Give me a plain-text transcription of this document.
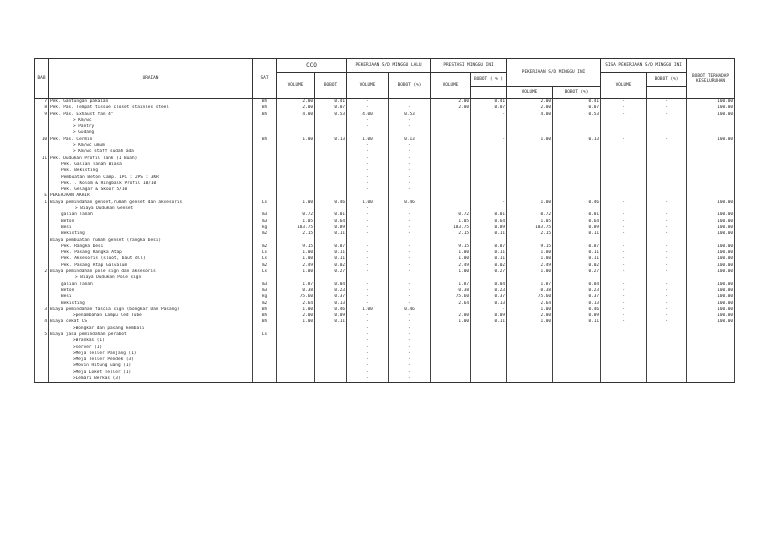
BAB	URAIAN	SAT	CCO		PEKERJAAN S/D MINGGU LALU		PRESTASI MINGGU INI		PEKERJAAN S/D MINGGU INI		SISA PEKERJAAN S/D MINGGU INI		BOBOT TERHADAP KESELURUHAN
			VOLUME	BOBOT	VOLUME	BOBOT (%)	VOLUME	BOBOT ( % )			VOLUME	BOBOT (%)	
									VOLUME	BOBOT (%)			
7	Pek. Gantungan pakaian	Bh	2.00	0.41	-		2.00	0.41	2.00	0.41	-	-	100.00
8	Pek. Pas. Tempat tissue closet stainles steel	Bh	2.00	0.07	-	-	2.00	0.07	2.00	0.07	-	-	100.00
9	Pek. Pas. Exhaust fan 4"	Bh	4.00	0.53	4.00	0.53		-	4.00	0.53	-	-	100.00
	> Km/wc				-	-							
	> Pantry				-	-							
	> Gudang												
10	Pek. Pas. Cermin	Bh	1.00	0.13	1.00	0.13		-	1.00	0.13	-	-	100.00
	> Km/wc umum				-	-							
	> Km/wc staff sudah ada				-	-							
11	Pek. Dudukan Profil Tank (1 Buah)				-	-							
	Pek. Galian Tanah Biasa				-	-							
	Pek. Bekisting				-	-							
	Pembuatan Beton Camp. 1PC : 2PS : 3KR				-	-							
	Pek. . Kolom & Ringbalk Profil 10/10				-	-							
	Pek. Gelagar & Skoor 5/10				-	-							
E	PEKERJAAN AKHIR												
1	Biaya pemindahan genset,rumah genset dan aksesoris	Ls	1.00	0.46	1.00	0.46		-	1.00	0.46	-	-	100.00
	> Biaya Dudukan Genset				-								
	galian Tanah	m3	0.72	0.01	-	-	0.72	0.01	0.72	0.01	-	-	100.00
	Beton	m3	1.05	0.64	-	-	1.05	0.64	1.05	0.64	-	-	100.00
	Besi	kg	183.75	0.89	-	-	183.75	0.89	183.75	0.89	-	-	100.00
	Bekisting	m2	2.15	0.11	-	-	2.15	0.11	2.15	0.11	-	-	100.00
	Biaya pembuatan rumah genset (rangka besi)												
	Pek. Rangka besi	m2	9.15	0.87	-	-	9.15	0.87	9.15	0.87	-	-	100.00
	Pek. Pasang Rangka Atap	Ls	1.00	0.11	-	-	1.00	0.11	1.00	0.11	-	-	100.00
	Pek. Aksesoris (sloot, baut dll)	Ls	1.00	0.11	-	-	1.00	0.11	1.00	0.11	-	-	100.00
	Pek. Pasang Atap Galvalum	m2	2.49	0.02	-	-	2.49	0.02	2.49	0.02	-	-	100.00
2	Biaya pemindahan pole sign dan aksesoris	Ls	1.00	0.27	-	-	1.00	0.27	1.00	0.27	-	-	100.00
	> Biaya Dudukan Pole sign												
	galian Tanah	m3	1.87	0.04	-	-	1.87	0.04	1.87	0.04	-	-	100.00
	Beton	m3	0.38	0.23	-	-	0.38	0.23	0.38	0.23	-	-	100.00
	Besi	kg	75.60	0.37	-	-	75.60	0.37	75.60	0.37	-	-	100.00
	Bekisting	m2	2.64	0.13	-	-	2.64	0.13	2.64	0.13	-	-	100.00
3	Biaya pemindahan fascia sign (bongkar Dan Pasang)	Bh	1.00	0.46	1.00	0.46		-	1.00	0.46	-	-	100.00
	>penambahan Lampu led Tube	Bh	2.00	0.09	-	-	2.00	0.09	2.00	0.09	-	-	100.00
4	Biaya cekat CS	Bh	1.00	0.11	-	-	1.00	0.11	1.00	0.11	-	-	100.00
	>Bongkar dan pasang kembali				-	-							
5	Biaya jasa pemindahan perabot	Ls			-	-							
	>Brankas (1)				-	-							
	>server (1)				-	-							
	>Meja Teller Panjang (1)				-	-							
	>Meja Teller Pendek (3)				-	-							
	>Movin Hitung uang (1)				-	-							
	>Meja Loket Teller (1)				-	-							
	>Lemari Berkas (3)				-	-							
